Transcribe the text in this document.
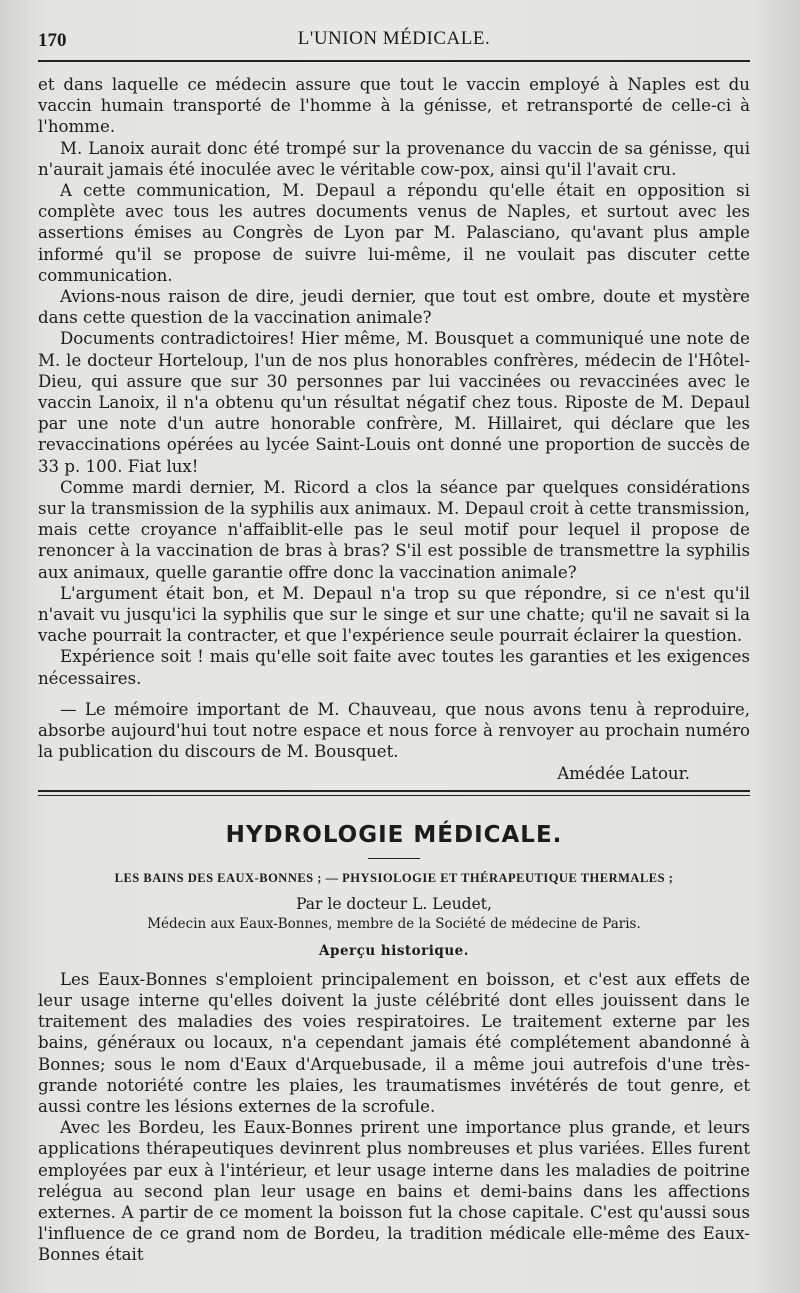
170	L'UNION MÉDICALE.

et dans laquelle ce médecin assure que tout le vaccin employé à Naples est du vaccin humain transporté de l'homme à la génisse, et retransporté de celle-ci à l'homme.

M. Lanoix aurait donc été trompé sur la provenance du vaccin de sa génisse, qui n'aurait jamais été inoculée avec le véritable cow-pox, ainsi qu'il l'avait cru.

A cette communication, M. Depaul a répondu qu'elle était en opposition si complète avec tous les autres documents venus de Naples, et surtout avec les assertions émises au Congrès de Lyon par M. Palasciano, qu'avant plus ample informé qu'il se propose de suivre lui-même, il ne voulait pas discuter cette communication.

Avions-nous raison de dire, jeudi dernier, que tout est ombre, doute et mystère dans cette question de la vaccination animale?

Documents contradictoires! Hier même, M. Bousquet a communiqué une note de M. le docteur Horteloup, l'un de nos plus honorables confrères, médecin de l'Hôtel-Dieu, qui assure que sur 30 personnes par lui vaccinées ou revaccinées avec le vaccin Lanoix, il n'a obtenu qu'un résultat négatif chez tous. Riposte de M. Depaul par une note d'un autre honorable confrère, M. Hillairet, qui déclare que les revaccinations opérées au lycée Saint-Louis ont donné une proportion de succès de 33 p. 100. Fiat lux!

Comme mardi dernier, M. Ricord a clos la séance par quelques considérations sur la transmission de la syphilis aux animaux. M. Depaul croit à cette transmission, mais cette croyance n'affaiblit-elle pas le seul motif pour lequel il propose de renoncer à la vaccination de bras à bras? S'il est possible de transmettre la syphilis aux animaux, quelle garantie offre donc la vaccination animale?

L'argument était bon, et M. Depaul n'a trop su que répondre, si ce n'est qu'il n'avait vu jusqu'ici la syphilis que sur le singe et sur une chatte; qu'il ne savait si la vache pourrait la contracter, et que l'expérience seule pourrait éclairer la question.

Expérience soit ! mais qu'elle soit faite avec toutes les garanties et les exigences nécessaires.

— Le mémoire important de M. Chauveau, que nous avons tenu à reproduire, absorbe aujourd'hui tout notre espace et nous force à renvoyer au prochain numéro la publication du discours de M. Bousquet.

Amédée Latour.
HYDROLOGIE MÉDICALE.
LES BAINS DES EAUX-BONNES ; — PHYSIOLOGIE ET THÉRAPEUTIQUE THERMALES ;

Par le docteur L. Leudet,

Médecin aux Eaux-Bonnes, membre de la Société de médecine de Paris.

Aperçu historique.

Les Eaux-Bonnes s'emploient principalement en boisson, et c'est aux effets de leur usage interne qu'elles doivent la juste célébrité dont elles jouissent dans le traitement des maladies des voies respiratoires. Le traitement externe par les bains, généraux ou locaux, n'a cependant jamais été complétement abandonné à Bonnes; sous le nom d'Eaux d'Arquebusade, il a même joui autrefois d'une très-grande notoriété contre les plaies, les traumatismes invétérés de tout genre, et aussi contre les lésions externes de la scrofule.

Avec les Bordeu, les Eaux-Bonnes prirent une importance plus grande, et leurs applications thérapeutiques devinrent plus nombreuses et plus variées. Elles furent employées par eux à l'intérieur, et leur usage interne dans les maladies de poitrine relégua au second plan leur usage en bains et demi-bains dans les affections externes. A partir de ce moment la boisson fut la chose capitale. C'est qu'aussi sous l'influence de ce grand nom de Bordeu, la tradition médicale elle-même des Eaux-Bonnes était
